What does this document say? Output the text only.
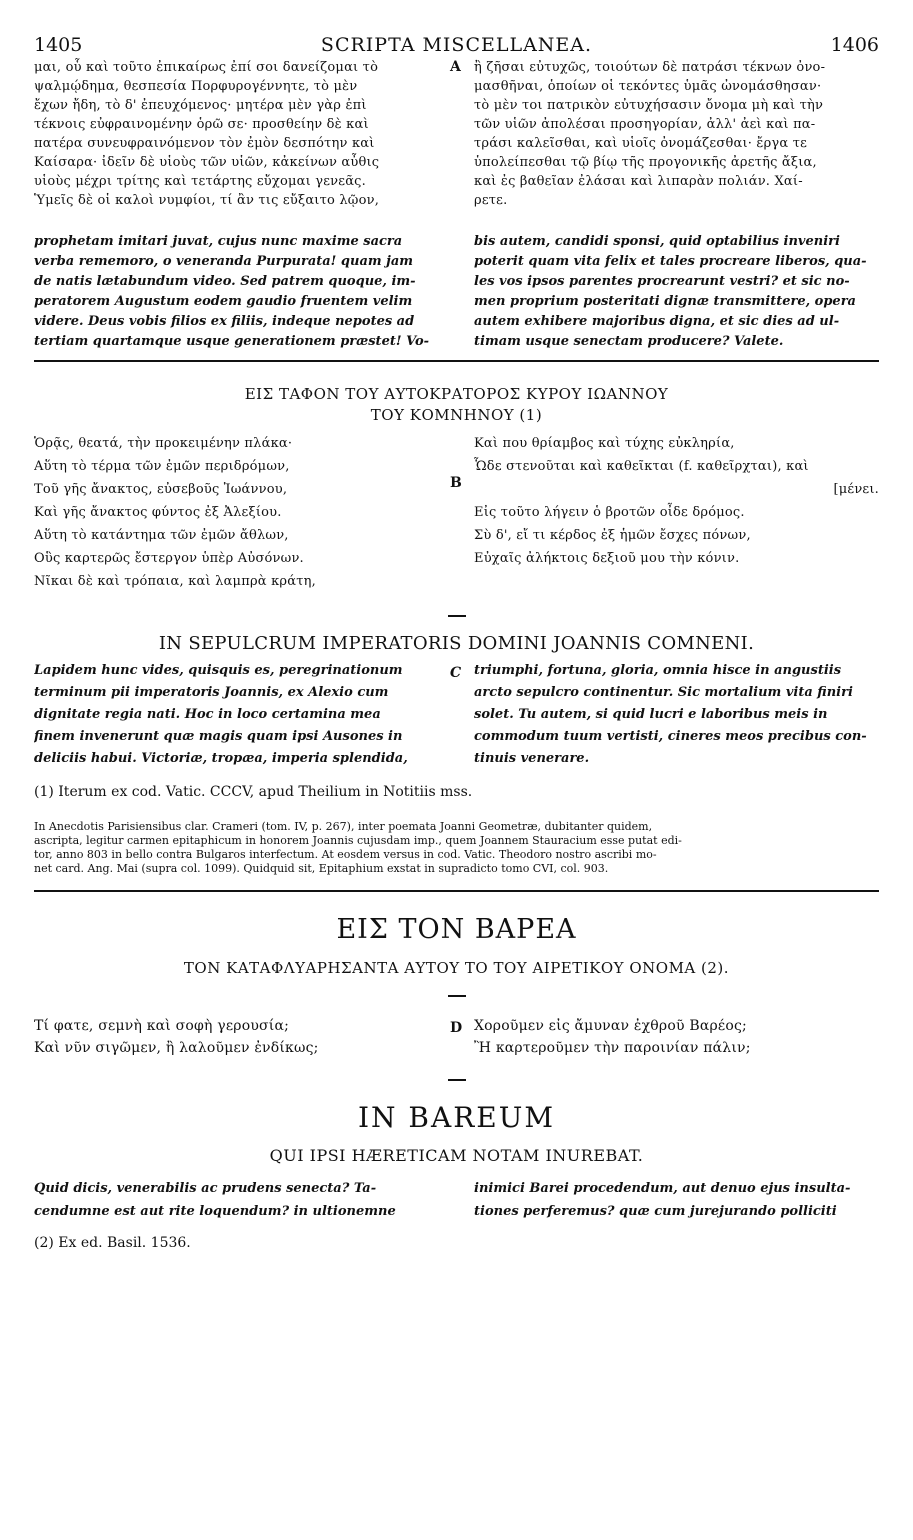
1405	SCRIPTA MISCELLANEA.	1406
μαι, οὗ καὶ τοῦτο ἐπικαίρως ἐπί σοι δανείζομαι τὸ
ψαλμῴδημα, θεσπεσία Πορφυρογέννητε, τὸ μὲν
ἔχων ἤδη, τὸ δ' ἐπευχόμενος· μητέρα μὲν γὰρ ἐπὶ
τέκνοις εὐφραινομένην ὁρῶ σε· προσθείην δὲ καὶ
πατέρα συνευφραινόμενον τὸν ἐμὸν δεσπότην καὶ
Καίσαρα· ἰδεῖν δὲ υἱοὺς τῶν υἱῶν, κἀκείνων αὖθις
υἱοὺς μέχρι τρίτης καὶ τετάρτης εὔχομαι γενεᾶς.
Ὑμεῖς δὲ οἱ καλοὶ νυμφίοι, τί ἂν τις εὔξαιτο λῷον,
A ἢ ζῆσαι εὐτυχῶς, τοιούτων δὲ πατράσι τέκνων ὀνο-
μασθῆναι, ὁποίων οἱ τεκόντες ὑμᾶς ὠνομάσθησαν·
τὸ μὲν τοι πατρικὸν εὐτυχήσασιν ὄνομα μὴ καὶ τὴν
τῶν υἱῶν ἀπολέσαι προσηγορίαν, ἀλλ' ἀεὶ καὶ πα-
τράσι καλεῖσθαι, καὶ υἱοῖς ὀνομάζεσθαι· ἔργα τε
ὑπολείπεσθαι τῷ βίῳ τῆς προγονικῆς ἀρετῆς ἄξια,
καὶ ἐς βαθεῖαν ἐλάσαι καὶ λιπαρὰν πολιάν. Χαί-
ρετε.
prophetam imitari juvat, cujus nunc maxime sacra
verba rememoro, o veneranda Purpurata! quam jam
de natis lætabundum video. Sed patrem quoque, im-
peratorem Augustum eodem gaudio fruentem velim
videre. Deus vobis filios ex filiis, indeque nepotes ad
tertiam quartamque usque generationem præstet! Vo-
bis autem, candidi sponsi, quid optabilius inveniri
poterit quam vita felix et tales procreare liberos, qua-
les vos ipsos parentes procrearunt vestri? et sic no-
men proprium posteritati dignæ transmittere, opera
autem exhibere majoribus digna, et sic dies ad ul-
timam usque senectam producere? Valete.
ΕΙΣ ΤΑΦΟΝ ΤΟΥ ΑΥΤΟΚΡΑΤΟΡΟΣ ΚΥΡΟΥ ΙΩΑΝΝΟΥ
ΤΟΥ ΚΟΜΝΗΝΟΥ (1)
Ὁρᾷς, θεατά, τὴν προκειμένην πλάκα·
Αὕτη τὸ τέρμα τῶν ἐμῶν περιδρόμων,
Τοῦ γῆς ἄνακτος, εὐσεβοῦς Ἰωάννου,
Καὶ γῆς ἄνακτος φύντος ἐξ Ἀλεξίου.
Αὕτη τὸ κατάντημα τῶν ἐμῶν ἄθλων,
Οὓς καρτερῶς ἔστεργον ὑπὲρ Αὐσόνων.
Νῖκαι δὲ καὶ τρόπαια, καὶ λαμπρὰ κράτη,
B
Καὶ που θρίαμβος καὶ τύχης εὐκληρία,
Ὧδε στενοῦται καὶ καθεῖκται (f. καθεῖρχται), καὶ
[μένει.
Εἰς τοῦτο λήγειν ὁ βροτῶν οἶδε δρόμος.
Σὺ δ', εἴ τι κέρδος ἐξ ἡμῶν ἔσχες πόνων,
Εὐχαῖς ἀλήκτοις δεξιοῦ μου τὴν κόνιν.
IN SEPULCRUM IMPERATORIS DOMINI JOANNIS COMNENI.
Lapidem hunc vides, quisquis es, peregrinationum
terminum pii imperatoris Joannis, ex Alexio cum
dignitate regia nati. Hoc in loco certamina mea
finem invenerunt quæ magis quam ipsi Ausones in
deliciis habui. Victoriæ, tropæa, imperia splendida,
C triumphi, fortuna, gloria, omnia hisce in angustiis
arcto sepulcro continentur. Sic mortalium vita finiri
solet. Tu autem, si quid lucri e laboribus meis in
commodum tuum vertisti, cineres meos precibus con-
tinuis venerare.
(1) Iterum ex cod. Vatic. CCCV, apud Theilium in Notitiis mss.
In Anecdotis Parisiensibus clar. Crameri (tom. IV, p. 267), inter poemata Joanni Geometræ, dubitanter quidem,
ascripta, legitur carmen epitaphicum in honorem Joannis cujusdam imp., quem Joannem Stauracium esse putat edi-
tor, anno 803 in bello contra Bulgaros interfectum. At eosdem versus in cod. Vatic. Theodoro nostro ascribi mo-
net card. Ang. Mai (supra col. 1099). Quidquid sit, Epitaphium exstat in supradicto tomo CVI, col. 903.
ΕΙΣ ΤΟΝ ΒΑΡΕΑ
ΤΟΝ ΚΑΤΑΦΛΥΑΡΗΣΑΝΤΑ ΑΥΤΟΥ ΤΟ ΤΟΥ ΑΙΡΕΤΙΚΟΥ ΟΝΟΜΑ (2).
Τί φατε, σεμνὴ καὶ σοφὴ γερουσία;
Καὶ νῦν σιγῶμεν, ἢ λαλοῦμεν ἐνδίκως;
D Χοροῦμεν εἰς ἄμυναν ἐχθροῦ Βαρέος;
Ἢ καρτεροῦμεν τὴν παροινίαν πάλιν;
IN BAREUM
QUI IPSI HÆRETICAM NOTAM INUREBAT.
Quid dicis, venerabilis ac prudens senecta? Ta-
cendumne est aut rite loquendum? in ultionemne
inimici Barei procedendum, aut denuo ejus insulta-
tiones perferemus? quæ cum jurejurando polliciti
(2) Ex ed. Basil. 1536.
